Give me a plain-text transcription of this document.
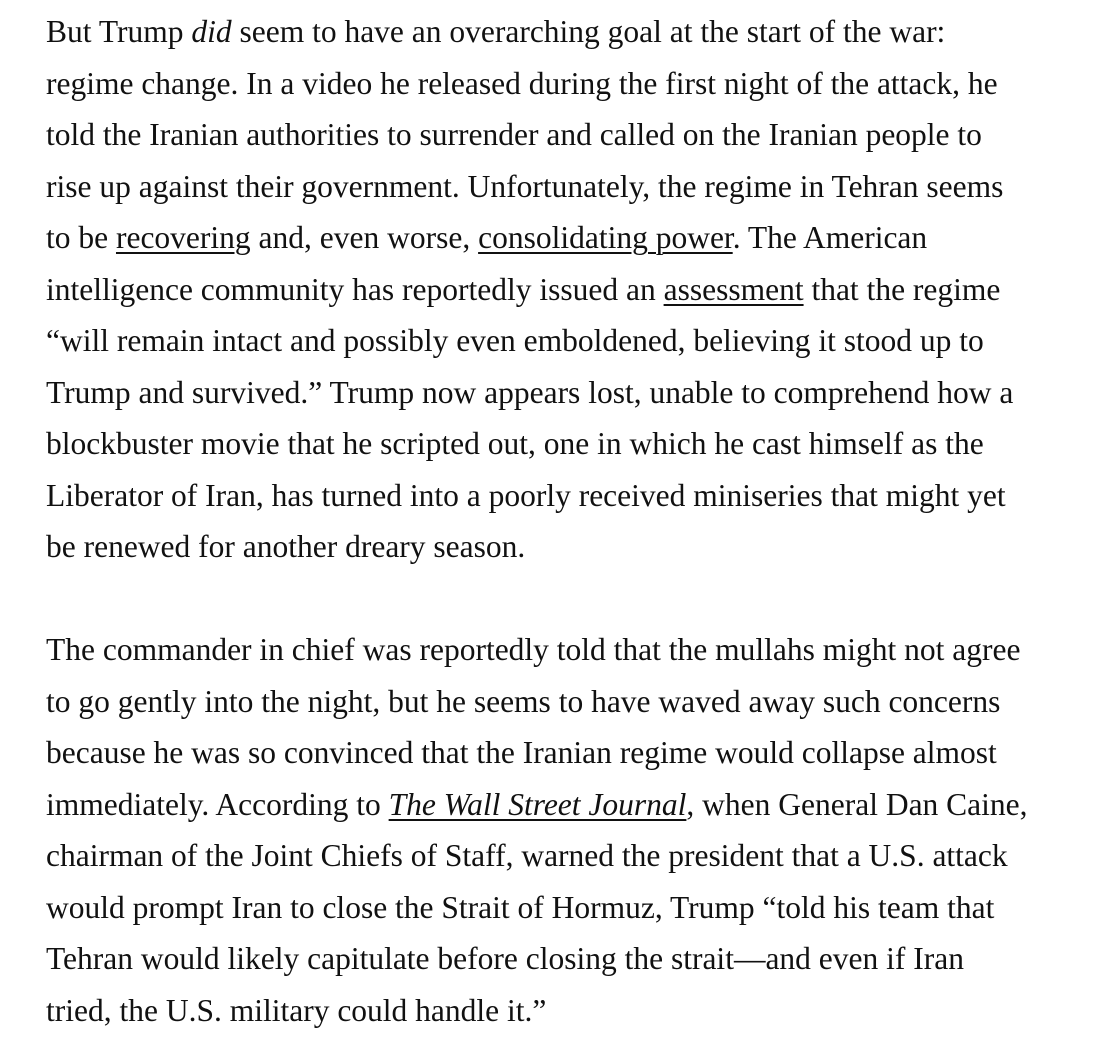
But Trump did seem to have an overarching goal at the start of the war:
regime change. In a video he released during the first night of the attack, he
told the Iranian authorities to surrender and called on the Iranian people to
rise up against their government. Unfortunately, the regime in Tehran seems
to be recovering and, even worse, consolidating power. The American
intelligence community has reportedly issued an assessment that the regime
“will remain intact and possibly even emboldened, believing it stood up to
Trump and survived.” Trump now appears lost, unable to comprehend how a
blockbuster movie that he scripted out, one in which he cast himself as the
Liberator of Iran, has turned into a poorly received miniseries that might yet
be renewed for another dreary season.

The commander in chief was reportedly told that the mullahs might not agree
to go gently into the night, but he seems to have waved away such concerns
because he was so convinced that the Iranian regime would collapse almost
immediately. According to The Wall Street Journal, when General Dan Caine,
chairman of the Joint Chiefs of Staff, warned the president that a U.S. attack
would prompt Iran to close the Strait of Hormuz, Trump “told his team that
Tehran would likely capitulate before closing the strait—and even if Iran
tried, the U.S. military could handle it.”
